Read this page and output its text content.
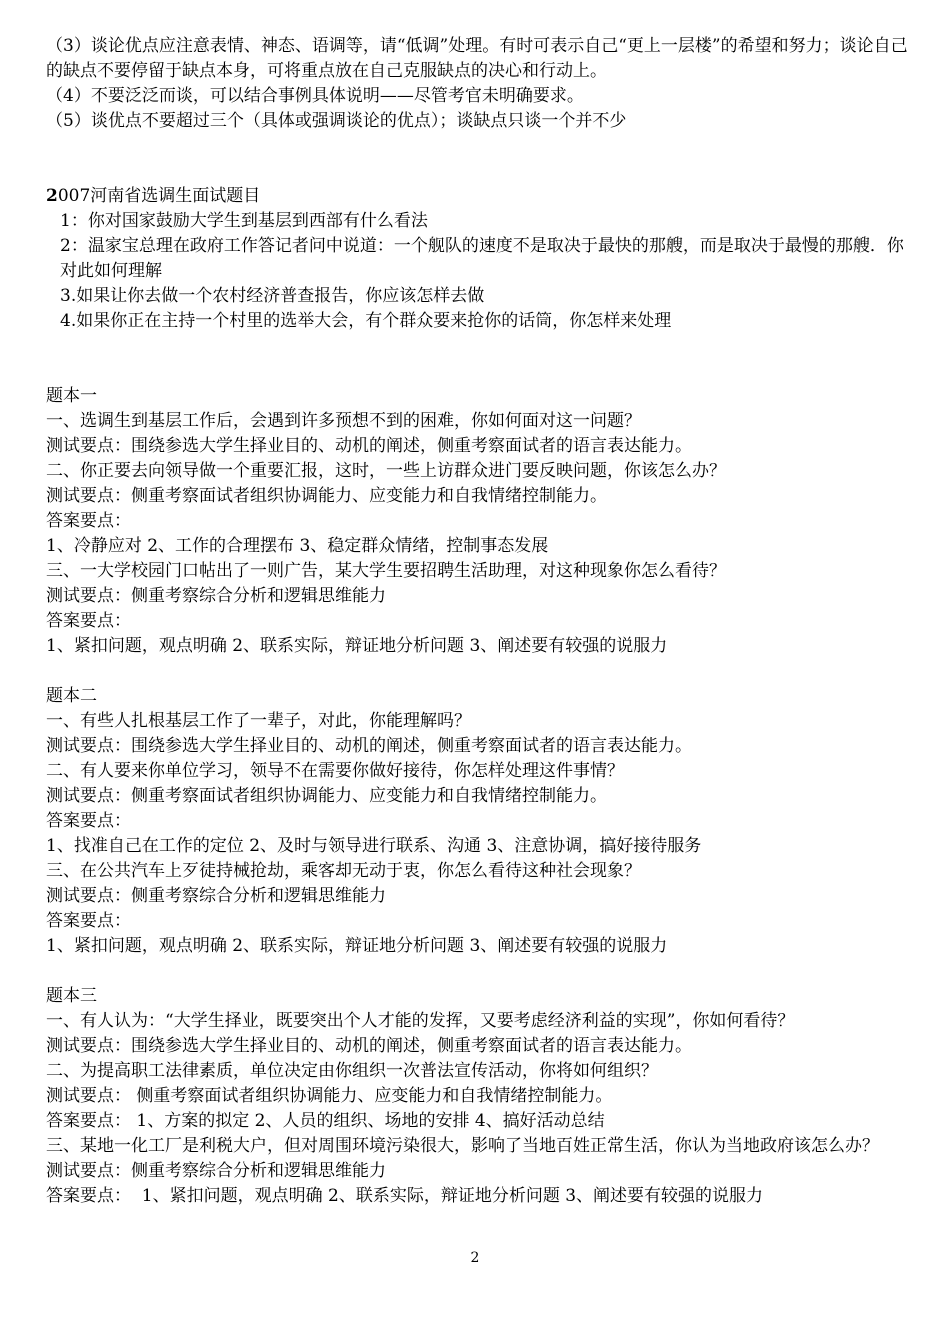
（3）谈论优点应注意表情、神态、语调等，请“低调”处理。有时可表示自己“更上一层楼”的希望和努力；谈论自己的缺点不要停留于缺点本身，可将重点放在自己克服缺点的决心和行动上。

（4）不要泛泛而谈，可以结合事例具体说明——尽管考官未明确要求。

（5）谈优点不要超过三个（具体或强调谈论的优点）；谈缺点只谈一个并不少

2007河南省选调生面试题目

1：你对国家鼓励大学生到基层到西部有什么看法

2：温家宝总理在政府工作答记者问中说道：一个舰队的速度不是取决于最快的那艘，而是取决于最慢的那艘．你对此如何理解

3.如果让你去做一个农村经济普查报告，你应该怎样去做

4.如果你正在主持一个村里的选举大会，有个群众要来抢你的话筒，你怎样来处理

题本一

一、选调生到基层工作后，会遇到许多预想不到的困难，你如何面对这一问题？

测试要点：围绕参选大学生择业目的、动机的阐述，侧重考察面试者的语言表达能力。

二、你正要去向领导做一个重要汇报，这时，一些上访群众进门要反映问题，你该怎么办？

测试要点：侧重考察面试者组织协调能力、应变能力和自我情绪控制能力。

答案要点：

1、冷静应对 2、工作的合理摆布 3、稳定群众情绪，控制事态发展

三、一大学校园门口帖出了一则广告，某大学生要招聘生活助理，对这种现象你怎么看待？

测试要点：侧重考察综合分析和逻辑思维能力

答案要点：

1、紧扣问题，观点明确 2、联系实际，辩证地分析问题 3、阐述要有较强的说服力

题本二

一、有些人扎根基层工作了一辈子，对此，你能理解吗？

测试要点：围绕参选大学生择业目的、动机的阐述，侧重考察面试者的语言表达能力。

二、有人要来你单位学习，领导不在需要你做好接待，你怎样处理这件事情？

测试要点：侧重考察面试者组织协调能力、应变能力和自我情绪控制能力。

答案要点：

1、找准自己在工作的定位 2、及时与领导进行联系、沟通 3、注意协调，搞好接待服务

三、在公共汽车上歹徒持械抢劫，乘客却无动于衷，你怎么看待这种社会现象？

测试要点：侧重考察综合分析和逻辑思维能力

答案要点：

1、紧扣问题，观点明确 2、联系实际，辩证地分析问题 3、阐述要有较强的说服力

题本三

一、有人认为：“大学生择业，既要突出个人才能的发挥，又要考虑经济利益的实现”，你如何看待？

测试要点：围绕参选大学生择业目的、动机的阐述，侧重考察面试者的语言表达能力。

二、为提高职工法律素质，单位决定由你组织一次普法宣传活动，你将如何组织？

测试要点： 侧重考察面试者组织协调能力、应变能力和自我情绪控制能力。

答案要点： 1、方案的拟定 2、人员的组织、场地的安排 4、搞好活动总结

三、某地一化工厂是利税大户，但对周围环境污染很大，影响了当地百姓正常生活，你认为当地政府该怎么办？

测试要点：侧重考察综合分析和逻辑思维能力

答案要点：  1、紧扣问题，观点明确 2、联系实际，辩证地分析问题 3、阐述要有较强的说服力

2
